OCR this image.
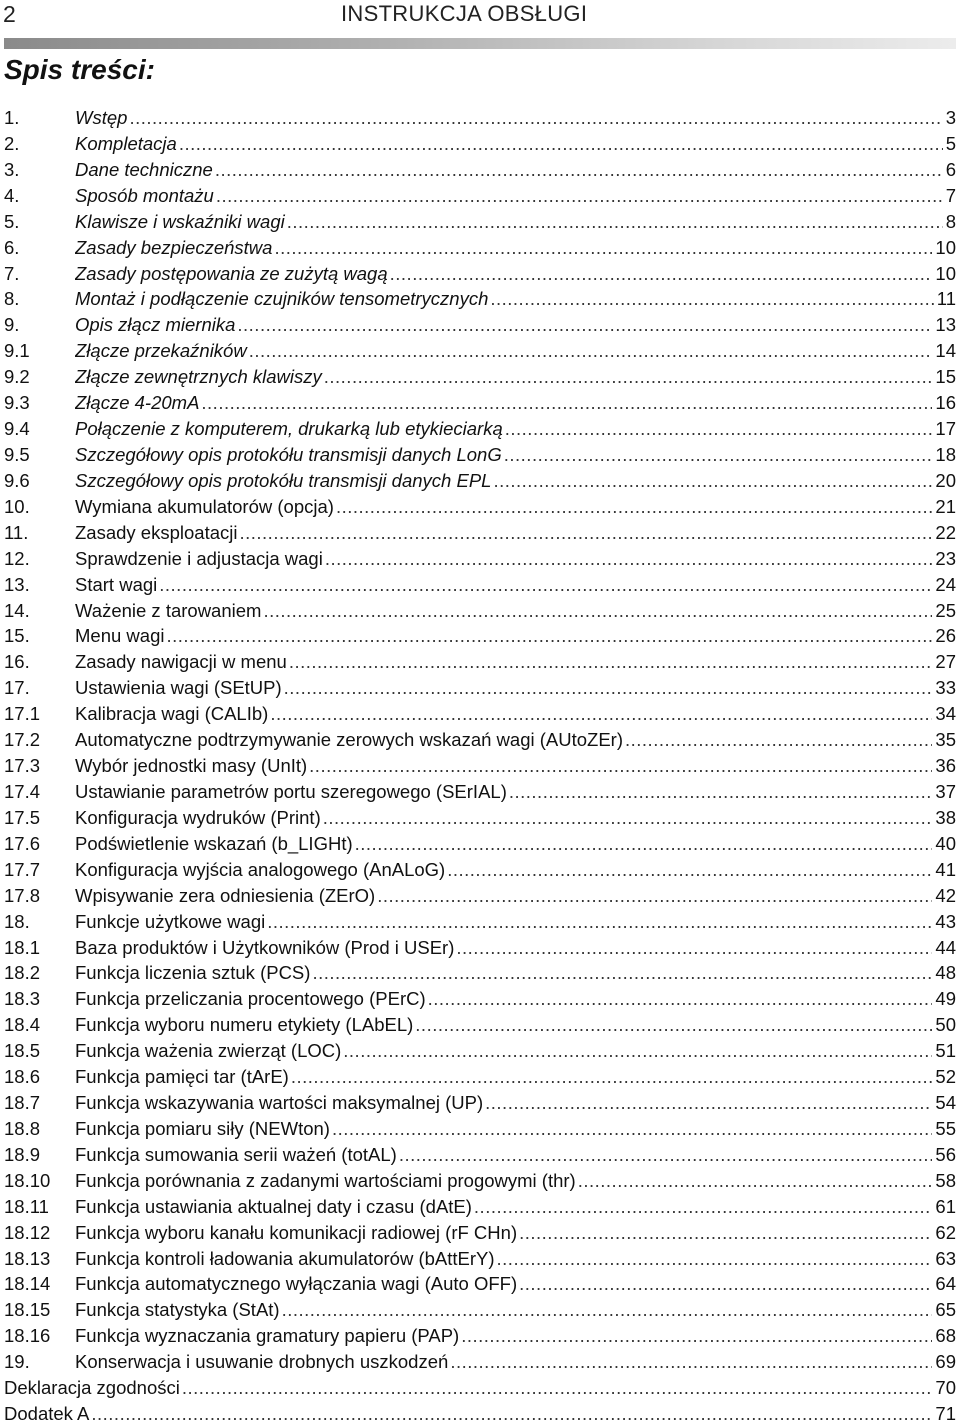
2	INSTRUKCJA OBSŁUGI
Spis treści:
1.	Wstęp .....	3
2.	Kompletacja .....	5
3.	Dane techniczne .....	6
4.	Sposób montażu .....	7
5.	Klawisze i wskaźniki wagi .....	8
6.	Zasady bezpieczeństwa .....	10
7.	Zasady postępowania ze zużytą wagą .....	10
8.	Montaż i podłączenie czujników tensometrycznych .....	11
9.	Opis złącz miernika .....	13
9.1 Złącze przekaźników .....	14
9.2 Złącze zewnętrznych klawiszy .....	15
9.3 Złącze 4-20mA .....	16
9.4 Połączenie z komputerem, drukarką lub etykieciarką .....	17
9.5 Szczegółowy opis protokółu transmisji danych LonG .....	18
9.6 Szczegółowy opis protokółu transmisji danych EPL .....	20
10. Wymiana akumulatorów (opcja) .....	21
11.	Zasady eksploatacji .....	22
12. Sprawdzenie i adjustacja wagi .....	23
13. Start wagi .....	24
14. Ważenie z tarowaniem .....	25
15. Menu wagi .....	26
16. Zasady nawigacji w menu .....	27
17. Ustawienia wagi (SEtUP) .....	33
17.1 Kalibracja wagi (CALIb) .....	34
17.2 Automatyczne podtrzymywanie zerowych wskazań wagi (AUtoZEr) .....	35
17.3 Wybór jednostki masy (UnIt) .....	36
17.4 Ustawianie parametrów portu szeregowego (SErIAL) .....	37
17.5 Konfiguracja wydruków (Print) .....	38
17.6 Podświetlenie wskazań (b_LIGHt) .....	40
17.7 Konfiguracja wyjścia analogowego (AnALoG) .....	41
17.8 Wpisywanie zera odniesienia (ZErO) .....	42
18. Funkcje użytkowe wagi .....	43
18.1 Baza produktów i Użytkowników (Prod i USEr) .....	44
18.2 Funkcja liczenia sztuk (PCS) .....	48
18.3 Funkcja przeliczania procentowego (PErC) .....	49
18.4 Funkcja wyboru numeru etykiety (LAbEL) .....	50
18.5 Funkcja ważenia zwierząt (LOC) .....	51
18.6 Funkcja pamięci tar (tArE) .....	52
18.7 Funkcja wskazywania wartości maksymalnej (UP) .....	54
18.8 Funkcja pomiaru siły (NEWton) .....	55
18.9 Funkcja sumowania serii ważeń (totAL) .....	56
18.10 Funkcja porównania z zadanymi wartościami progowymi (thr) .....	58
18.11 Funkcja ustawiania aktualnej daty i czasu (dAtE) .....	61
18.12 Funkcja wyboru kanału komunikacji radiowej (rF CHn) .....	62
18.13 Funkcja kontroli ładowania akumulatorów (bAttErY) .....	63
18.14 Funkcja automatycznego wyłączania wagi (Auto OFF) .....	64
18.15 Funkcja statystyka (StAt) .....	65
18.16 Funkcja wyznaczania gramatury papieru (PAP) .....	68
19. Konserwacja i usuwanie drobnych uszkodzeń .....	69
Deklaracja zgodności .....	70
Dodatek A .....	71
